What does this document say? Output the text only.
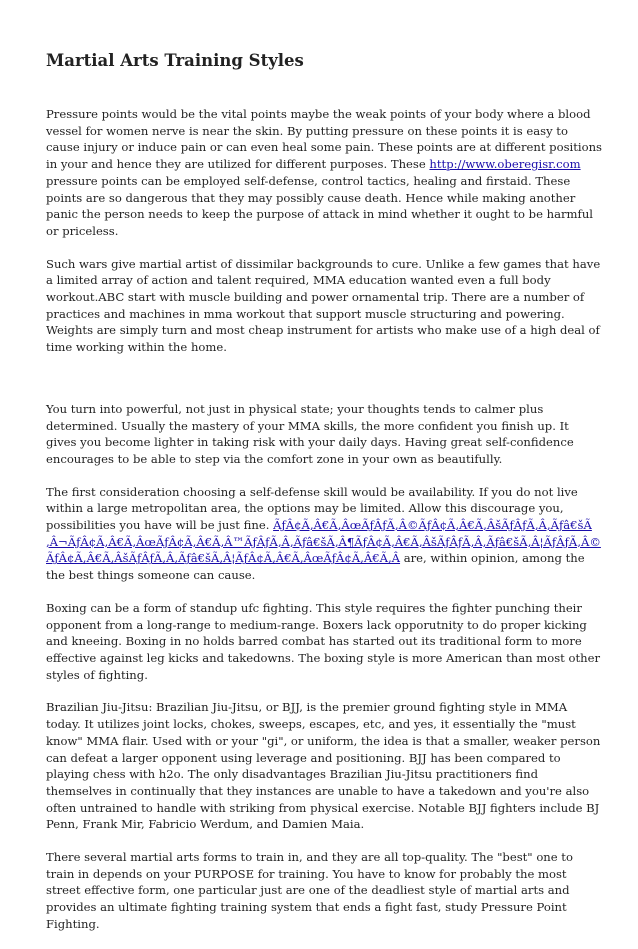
Martial Arts Training Styles

Pressure points would be the vital points maybe the weak points of your body where a blood vessel for women nerve is near the skin. By putting pressure on these points it is easy to cause injury or induce pain or can even heal some pain. These points are at different positions in your and hence they are utilized for different purposes. These http://www.oberegisr.com pressure points can be employed self-defense, control tactics, healing and firstaid. These points are so dangerous that they may possibly cause death. Hence while making another panic the person needs to keep the purpose of attack in mind whether it ought to be harmful or priceless.

Such wars give martial artist of dissimilar backgrounds to cure. Unlike a few games that have a limited array of action and talent required, MMA education wanted even a full body workout.ABC start with muscle building and power ornamental trip. There are a number of practices and machines in mma workout that support muscle structuring and powering. Weights are simply turn and most cheap instrument for artists who make use of a high deal of time working within the home.

You turn into powerful, not just in physical state; your thoughts tends to calmer plus determined. Usually the mastery of your MMA skills, the more confident you finish up. It gives you become lighter in taking risk with your daily days. Having great self-confidence encourages to be able to step via the comfort zone in your own as beautifully.

The first consideration choosing a self-defense skill would be availability. If you do not live within a large metropolitan area, the options may be limited. Allow this discourage you, possibilities you have will be just fine. ÃƒÂ¢Ã‚Â€Ã‚ÂœÃƒÂƒÃ‚Â©ÃƒÂ¢Ã‚Â€Ã‚ÂšÃƒÂƒÃ‚Â‚Ãƒâ€šÃ‚Â¬ÃƒÂ¢Ã‚Â€Ã‚ÂœÃƒÂ¢Ã‚Â€Ã‚Â™ÃƒÂƒÃ‚Â‚Ãƒâ€šÃ‚Â¶ÃƒÂ¢Ã‚Â€Ã‚ÂšÃƒÂƒÃ‚Â‚Ãƒâ€šÃ‚Â¦ÃƒÂƒÃ‚Â©ÃƒÂ¢Ã‚Â€Ã‚ÂšÃƒÂƒÃ‚Â‚Ãƒâ€šÃ‚Â¦ÃƒÂ¢Ã‚Â€Ã‚ÂœÃƒÂ¢Ã‚Â€Ã‚Â are, within opinion, among the the best things someone can cause.

Boxing can be a form of standup ufc fighting. This style requires the fighter punching their opponent from a long-range to medium-range. Boxers lack opporutnity to do proper kicking and kneeing. Boxing in no holds barred combat has started out its traditional form to more effective against leg kicks and takedowns. The boxing style is more American than most other styles of fighting.

Brazilian Jiu-Jitsu: Brazilian Jiu-Jitsu, or BJJ, is the premier ground fighting style in MMA today. It utilizes joint locks, chokes, sweeps, escapes, etc, and yes, it essentially the "must know" MMA flair. Used with or your "gi", or uniform, the idea is that a smaller, weaker person can defeat a larger opponent using leverage and positioning. BJJ has been compared to playing chess with h2o. The only disadvantages Brazilian Jiu-Jitsu practitioners find themselves in continually that they instances are unable to have a takedown and you're also often untrained to handle with striking from physical exercise. Notable BJJ fighters include BJ Penn, Frank Mir, Fabricio Werdum, and Damien Maia.

There several martial arts forms to train in, and they are all top-quality. The "best" one to train in depends on your PURPOSE for training. You have to know for probably the most street effective form, one particular just are one of the deadliest style of martial arts and provides an ultimate fighting training system that ends a fight fast, study Pressure Point Fighting.
